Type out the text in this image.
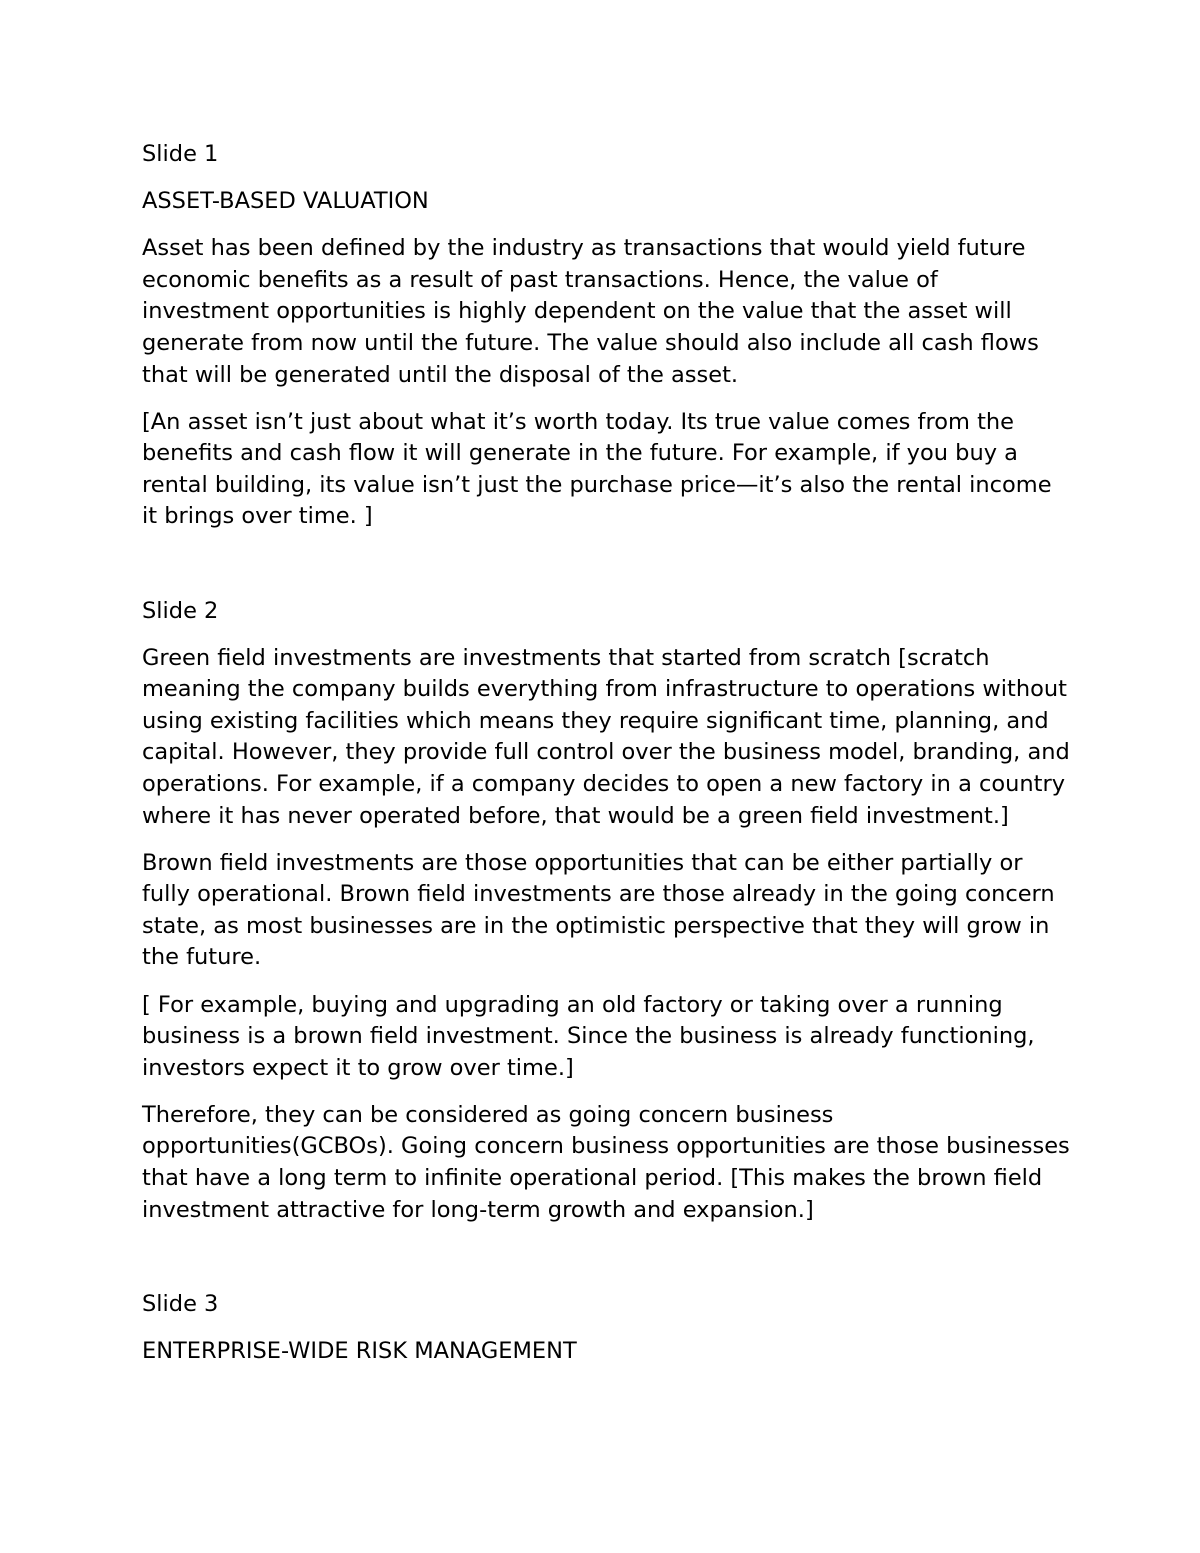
Slide 1

ASSET-BASED VALUATION

Asset has been defined by the industry as transactions that would yield future economic benefits as a result of past transactions. Hence, the value of investment opportunities is highly dependent on the value that the asset will generate from now until the future. The value should also include all cash flows that will be generated until the disposal of the asset.

[An asset isn’t just about what it’s worth today. Its true value comes from the benefits and cash flow it will generate in the future. For example, if you buy a rental building, its value isn’t just the purchase price—it’s also the rental income it brings over time. ]

Slide 2

Green field investments are investments that started from scratch [scratch meaning the company builds everything from infrastructure to operations without using existing facilities which means they require significant time, planning, and capital. However, they provide full control over the business model, branding, and operations. For example, if a company decides to open a new factory in a country where it has never operated before, that would be a green field investment.]

Brown field investments are those opportunities that can be either partially or fully operational. Brown field investments are those already in the going concern state, as most businesses are in the optimistic perspective that they will grow in the future.

[ For example, buying and upgrading an old factory or taking over a running business is a brown field investment. Since the business is already functioning, investors expect it to grow over time.]

Therefore, they can be considered as going concern business opportunities(GCBOs). Going concern business opportunities are those businesses that have a long term to infinite operational period. [This makes the brown field investment attractive for long-term growth and expansion.]

Slide 3

ENTERPRISE-WIDE RISK MANAGEMENT
